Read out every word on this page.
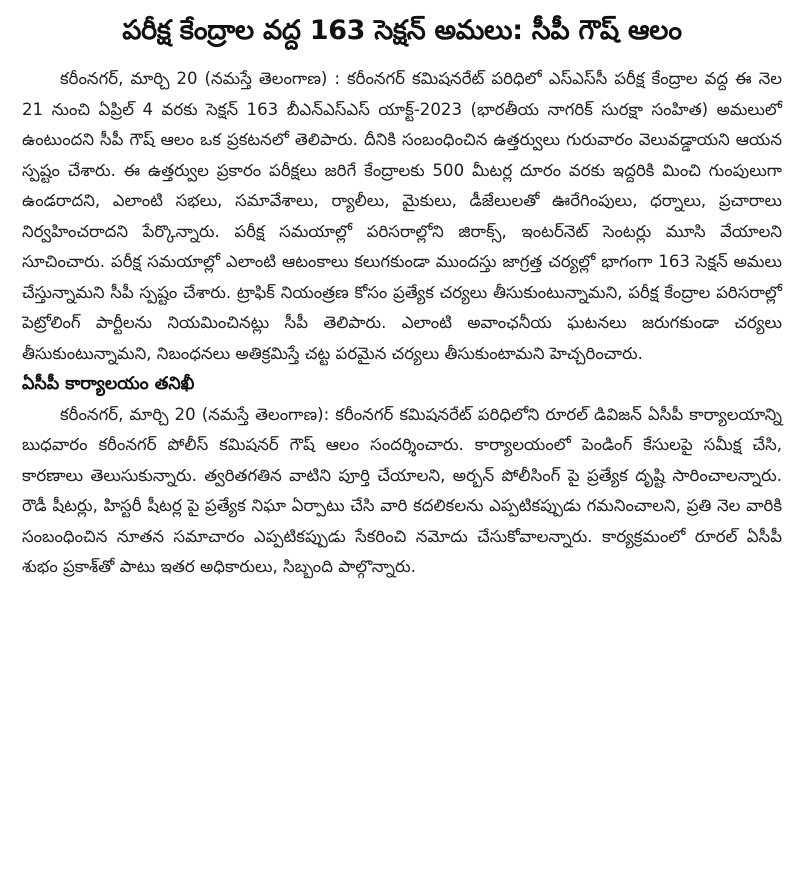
పరీక్ష కేంద్రాల వద్ద 163 సెక్షన్ అమలు: సీపీ గౌష్ ఆలం

కరీంనగర్, మార్చి 20 (నమస్తే తెలంగాణ) : కరీంనగర్ కమిషనరేట్ పరిధిలో ఎస్ఎస్‌సీ పరీక్ష కేంద్రాల వద్ద ఈ నెల 21 నుంచి ఏప్రిల్ 4 వరకు సెక్షన్ 163 బీఎన్ఎస్ఎస్ యాక్ట్-2023 (భారతీయ నాగరిక్ సురక్షా సంహిత) అమలులో ఉంటుందని సీపీ గౌష్ ఆలం ఒక ప్రకటనలో తెలిపారు. దీనికి సంబంధించిన ఉత్తర్వులు గురువారం వెలువడ్డాయని ఆయన స్పష్టం చేశారు. ఈ ఉత్తర్వుల ప్రకారం పరీక్షలు జరిగే కేంద్రాలకు 500 మీటర్ల దూరం వరకు ఇద్దరికి మించి గుంపులుగా ఉండరాదని, ఎలాంటి సభలు, సమావేశాలు, ర్యాలీలు, మైకులు, డీజేలులతో ఊరేగింపులు, ధర్నాలు, ప్రచారాలు నిర్వహించరాదని పేర్కొన్నారు. పరీక్ష సమయాల్లో పరిసరాల్లోని జిరాక్స్, ఇంటర్‌నెట్ సెంటర్లు మూసి వేయాలని సూచించారు. పరీక్ష సమయాల్లో ఎలాంటి ఆటంకాలు కలుగకుండా ముందస్తు జాగ్రత్త చర్యల్లో భాగంగా 163 సెక్షన్ అమలు చేస్తున్నామని సీపీ స్పష్టం చేశారు. ట్రాఫిక్ నియంత్రణ కోసం ప్రత్యేక చర్యలు తీసుకుంటున్నామని, పరీక్ష కేంద్రాల పరిసరాల్లో పెట్రోలింగ్ పార్టీలను నియమించినట్లు సీపీ తెలిపారు. ఎలాంటి అవాంఛనీయ ఘటనలు జరుగకుండా చర్యలు తీసుకుంటున్నామని, నిబంధనలు అతిక్రమిస్తే చట్ట పరమైన చర్యలు తీసుకుంటామని హెచ్చరించారు.

ఏసీపీ కార్యాలయం తనిఖీ

కరీంనగర్, మార్చి 20 (నమస్తే తెలంగాణ): కరీంనగర్ కమిషనరేట్ పరిధిలోని రూరల్ డివిజన్ ఏసీపీ కార్యాలయాన్ని బుధవారం కరీంనగర్ పోలీస్ కమిషనర్ గౌష్ ఆలం సందర్శించారు. కార్యాలయంలో పెండింగ్ కేసులపై సమీక్ష చేసి, కారణాలు తెలుసుకున్నారు. త్వరితగతిన వాటిని పూర్తి చేయాలని, అర్బన్ పోలీసింగ్ పై ప్రత్యేక దృష్టి సారించాలన్నారు. రౌడీ షీటర్లు, హిస్టరీ షీటర్ల పై ప్రత్యేక నిఘా ఏర్పాటు చేసి వారి కదలికలను ఎప్పటికప్పుడు గమనించాలని, ప్రతి నెల వారికి సంబంధించిన నూతన సమాచారం ఎప్పటికప్పుడు సేకరించి నమోదు చేసుకోవాలన్నారు. కార్యక్రమంలో రూరల్ ఏసీపీ శుభం ప్రకాశ్‌తో పాటు ఇతర అధికారులు, సిబ్బంది పాల్గొన్నారు.
